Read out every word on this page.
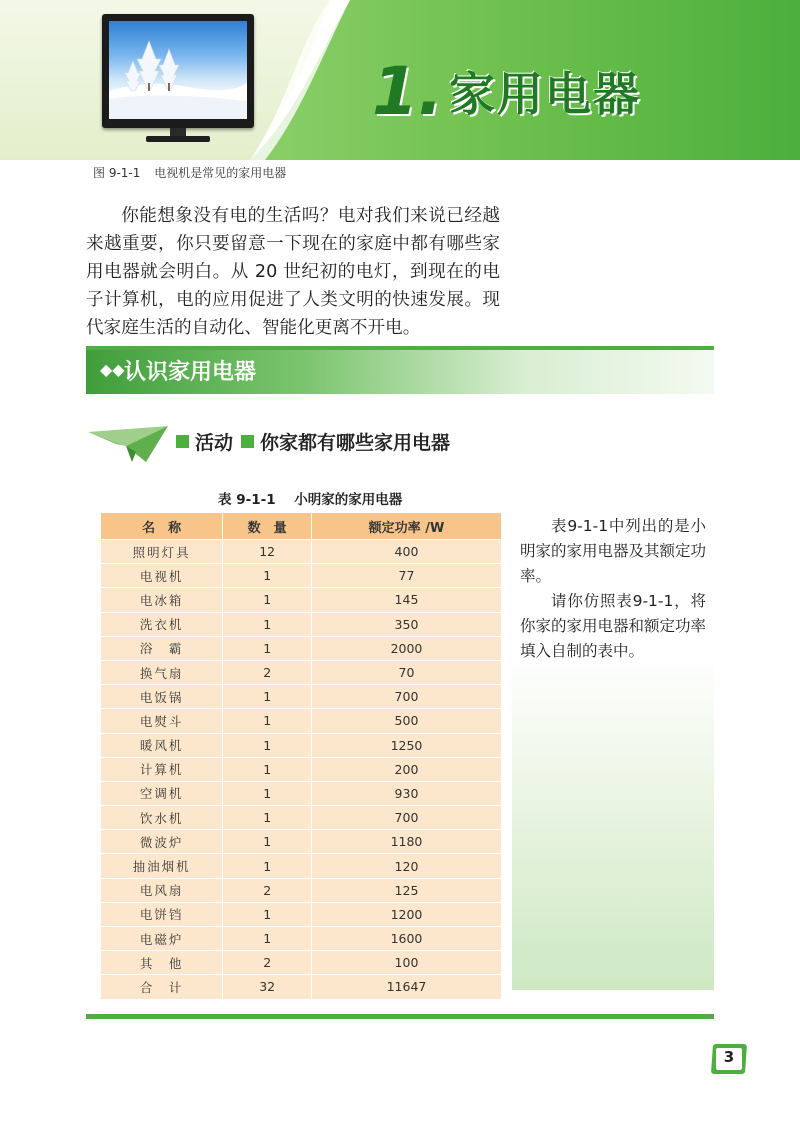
1. 家用电器
图 9-1-1 电视机是常见的家用电器

你能想象没有电的生活吗？电对我们来说已经越来越重要，你只要留意一下现在的家庭中都有哪些家用电器就会明白。从 20 世纪初的电灯，到现在的电子计算机，电的应用促进了人类文明的快速发展。现代家庭生活的自动化、智能化更离不开电。

◆◆ 认识家用电器
活动 你家都有哪些家用电器
表 9-1-1 小明家的家用电器
名　称	数　量	额定功率 /W
照明灯具	12	400
电视机	1	77
电冰箱	1	145
洗衣机	1	350
浴　霸	1	2000
换气扇	2	70
电饭锅	1	700
电熨斗	1	500
暖风机	1	1250
计算机	1	200
空调机	1	930
饮水机	1	700
微波炉	1	1180
抽油烟机	1	120
电风扇	2	125
电饼铛	1	1200
电磁炉	1	1600
其　他	2	100
合　计	32	11647

表9-1-1中列出的是小明家的家用电器及其额定功率。

请你仿照表9-1-1，将你家的家用电器和额定功率填入自制的表中。

3
